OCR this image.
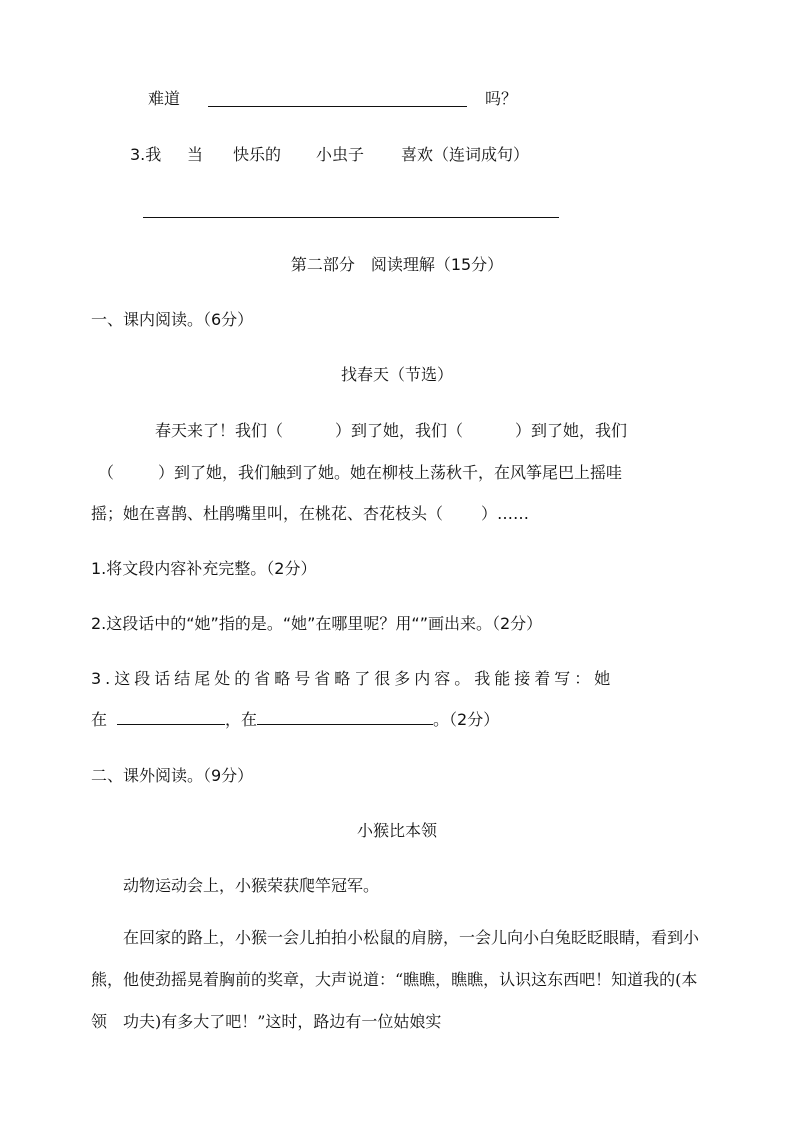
难道	吗？
3.我 当 快乐的 小虫子 喜欢（连词成句）
第二部分　阅读理解（15分）
一、课内阅读。（6分）
找春天（节选）
春天来了！我们（	）到了她，我们（	）到了她，我们
（	）到了她，我们触到了她。她在柳枝上荡秋千，在风筝尾巴上摇哇
摇；她在喜鹊、杜鹃嘴里叫，在桃花、杏花枝头（ ）……
1.将文段内容补充完整。（2分）
2.这段话中的“她”指的是。“她”在哪里呢？用“”画出来。（2分）
3.这段话结尾处的省略号省略了很多内容。我能接着写：她
在	，在	。（2分）
二、课外阅读。（9分）
小猴比本领
动物运动会上，小猴荣获爬竿冠军。
在回家的路上，小猴一会儿拍拍小松鼠的肩膀，一会儿向小白兔眨眨眼睛，看到小熊，他使劲摇晃着胸前的奖章，大声说道：“瞧瞧，瞧瞧，认识这东西吧！知道我的(本领　功夫)有多大了吧！”这时，路边有一位姑娘实
